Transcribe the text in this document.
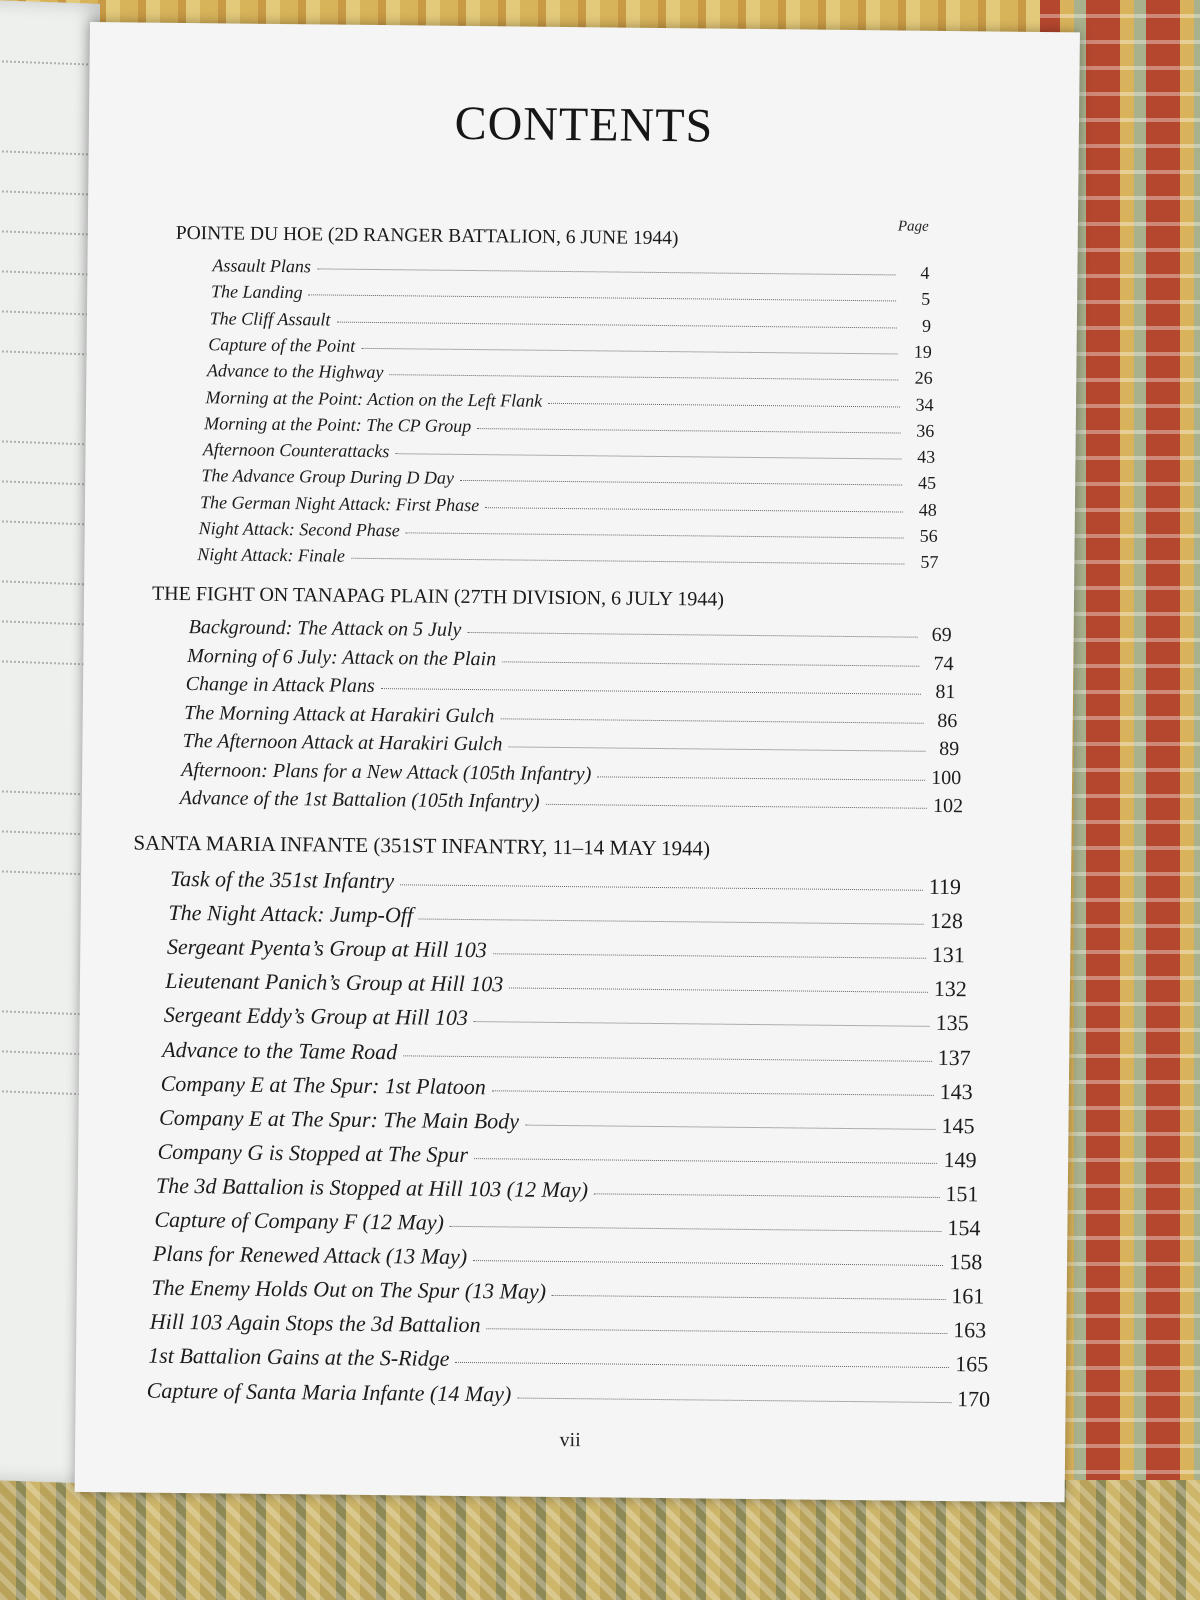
CONTENTS
Page
POINTE DU HOE (2D RANGER BATTALION, 6 JUNE 1944)
Assault Plans	4
The Landing	5
The Cliff Assault	9
Capture of the Point	19
Advance to the Highway	26
Morning at the Point: Action on the Left Flank	34
Morning at the Point: The CP Group	36
Afternoon Counterattacks	43
The Advance Group During D Day	45
The German Night Attack: First Phase	48
Night Attack: Second Phase	56
Night Attack: Finale	57
THE FIGHT ON TANAPAG PLAIN (27TH DIVISION, 6 JULY 1944)
Background: The Attack on 5 July	69
Morning of 6 July: Attack on the Plain	74
Change in Attack Plans	81
The Morning Attack at Harakiri Gulch	86
The Afternoon Attack at Harakiri Gulch	89
Afternoon: Plans for a New Attack (105th Infantry)	100
Advance of the 1st Battalion (105th Infantry)	102
SANTA MARIA INFANTE (351ST INFANTRY, 11–14 MAY 1944)
Task of the 351st Infantry	119
The Night Attack: Jump-Off	128
Sergeant Pyenta’s Group at Hill 103	131
Lieutenant Panich’s Group at Hill 103	132
Sergeant Eddy’s Group at Hill 103	135
Advance to the Tame Road	137
Company E at The Spur: 1st Platoon	143
Company E at The Spur: The Main Body	145
Company G is Stopped at The Spur	149
The 3d Battalion is Stopped at Hill 103 (12 May)	151
Capture of Company F (12 May)	154
Plans for Renewed Attack (13 May)	158
The Enemy Holds Out on The Spur (13 May)	161
Hill 103 Again Stops the 3d Battalion	163
1st Battalion Gains at the S-Ridge	165
Capture of Santa Maria Infante (14 May)	170
vii
